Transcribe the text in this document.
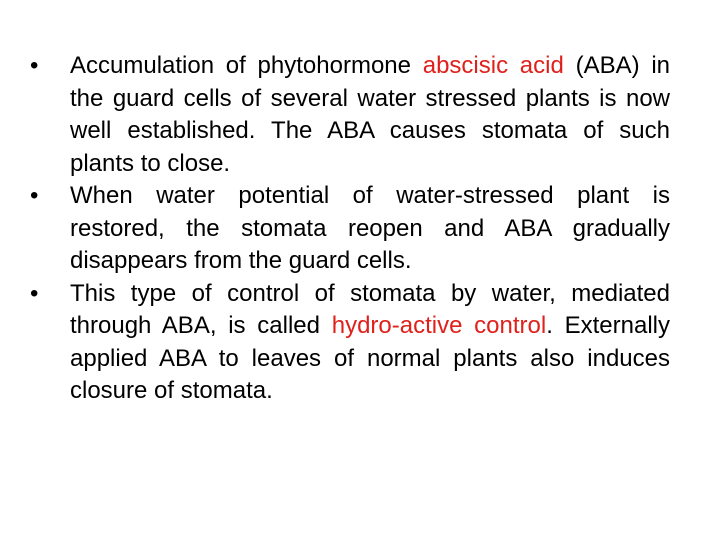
•	Accumulation of phytohormone abscisic acid (ABA) in the guard cells of several water stressed plants is now well established. The ABA causes stomata of such plants to close.
•	When water potential of water-stressed plant is restored, the stomata reopen and ABA gradually disappears from the guard cells.
•	This type of control of stomata by water, mediated through ABA, is called hydro-active control. Externally applied ABA to leaves of normal plants also induces closure of stomata.
